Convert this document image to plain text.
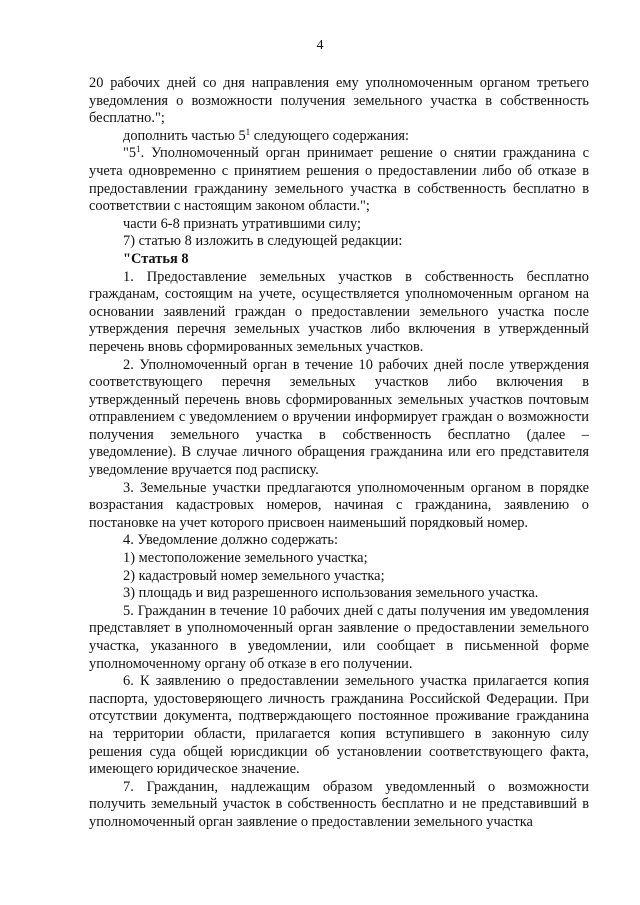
4

20 рабочих дней со дня направления ему уполномоченным органом третьего уведомления о возможности получения земельного участка в собственность бесплатно.";

дополнить частью $5^1$ следующего содержания:

"$5^1$. Уполномоченный орган принимает решение о снятии гражданина с учета одновременно с принятием решения о предоставлении либо об отказе в предоставлении гражданину земельного участка в собственность бесплатно в соответствии с настоящим законом области.";

части 6-8 признать утратившими силу;

7) статью 8 изложить в следующей редакции:

"Статья 8

1. Предоставление земельных участков в собственность бесплатно гражданам, состоящим на учете, осуществляется уполномоченным органом на основании заявлений граждан о предоставлении земельного участка после утверждения перечня земельных участков либо включения в утвержденный перечень вновь сформированных земельных участков.

2. Уполномоченный орган в течение 10 рабочих дней после утверждения соответствующего перечня земельных участков либо включения в утвержденный перечень вновь сформированных земельных участков почтовым отправлением с уведомлением о вручении информирует граждан о возможности получения земельного участка в собственность бесплатно (далее – уведомление). В случае личного обращения гражданина или его представителя уведомление вручается под расписку.

3. Земельные участки предлагаются уполномоченным органом в порядке возрастания кадастровых номеров, начиная с гражданина, заявлению о постановке на учет которого присвоен наименьший порядковый номер.

4. Уведомление должно содержать:

1) местоположение земельного участка;

2) кадастровый номер земельного участка;

3) площадь и вид разрешенного использования земельного участка.

5. Гражданин в течение 10 рабочих дней с даты получения им уведомления представляет в уполномоченный орган заявление о предоставлении земельного участка, указанного в уведомлении, или сообщает в письменной форме уполномоченному органу об отказе в его получении.

6. К заявлению о предоставлении земельного участка прилагается копия паспорта, удостоверяющего личность гражданина Российской Федерации. При отсутствии документа, подтверждающего постоянное проживание гражданина на территории области, прилагается копия вступившего в законную силу решения суда общей юрисдикции об установлении соответствующего факта, имеющего юридическое значение.

7. Гражданин, надлежащим образом уведомленный о возможности получить земельный участок в собственность бесплатно и не представивший в уполномоченный орган заявление о предоставлении земельного участка
